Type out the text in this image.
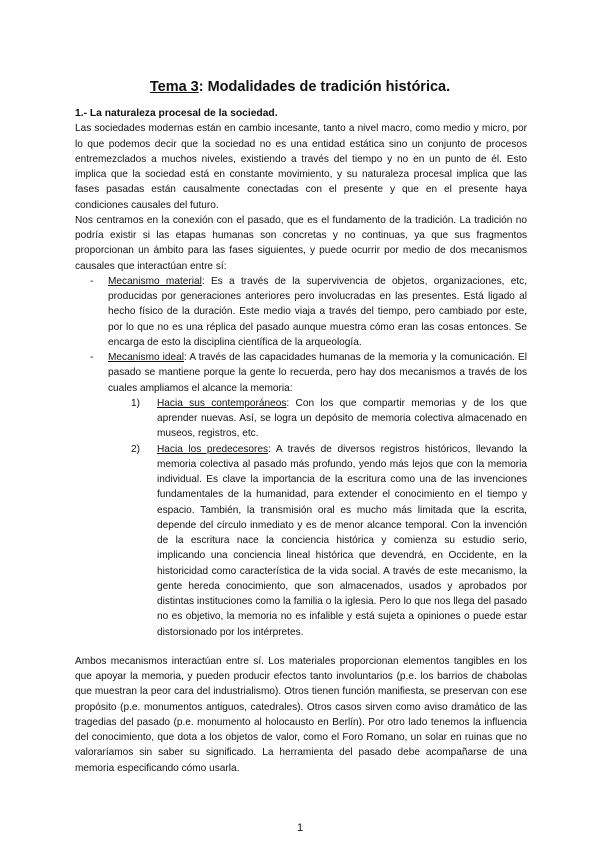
Tema 3: Modalidades de tradición histórica.

1.- La naturaleza procesal de la sociedad.

Las sociedades modernas están en cambio incesante, tanto a nivel macro, como medio y micro, por lo que podemos decir que la sociedad no es una entidad estática sino un conjunto de procesos entremezclados a muchos niveles, existiendo a través del tiempo y no en un punto de él. Esto implica que la sociedad está en constante movimiento, y su naturaleza procesal implica que las fases pasadas están causalmente conectadas con el presente y que en el presente haya condiciones causales del futuro.

Nos centramos en la conexión con el pasado, que es el fundamento de la tradición. La tradición no podría existir si las etapas humanas son concretas y no continuas, ya que sus fragmentos proporcionan un ámbito para las fases siguientes, y puede ocurrir por medio de dos mecanismos causales que interactúan entre sí:

- Mecanismo material: Es a través de la supervivencia de objetos, organizaciones, etc, producidas por generaciones anteriores pero involucradas en las presentes. Está ligado al hecho físico de la duración. Este medio viaja a través del tiempo, pero cambiado por este, por lo que no es una réplica del pasado aunque muestra cómo eran las cosas entonces. Se encarga de esto la disciplina científica de la arqueología.

- Mecanismo ideal: A través de las capacidades humanas de la memoria y la comunicación. El pasado se mantiene porque la gente lo recuerda, pero hay dos mecanismos a través de los cuales ampliamos el alcance la memoria:

1) Hacia sus contemporáneos: Con los que compartir memorias y de los que aprender nuevas. Así, se logra un depósito de memoria colectiva almacenado en museos, registros, etc.

2) Hacia los predecesores: A través de diversos registros históricos, llevando la memoria colectiva al pasado más profundo, yendo más lejos que con la memoria individual. Es clave la importancia de la escritura como una de las invenciones fundamentales de la humanidad, para extender el conocimiento en el tiempo y espacio. También, la transmisión oral es mucho más limitada que la escrita, depende del círculo inmediato y es de menor alcance temporal. Con la invención de la escritura nace la conciencia histórica y comienza su estudio serio, implicando una conciencia lineal histórica que devendrá, en Occidente, en la historicidad como característica de la vida social. A través de este mecanismo, la gente hereda conocimiento, que son almacenados, usados y aprobados por distintas instituciones como la familia o la iglesia. Pero lo que nos llega del pasado no es objetivo, la memoria no es infalible y está sujeta a opiniones o puede estar distorsionado por los intérpretes.

Ambos mecanismos interactúan entre sí. Los materiales proporcionan elementos tangibles en los que apoyar la memoria, y pueden producir efectos tanto involuntarios (p.e. los barrios de chabolas que muestran la peor cara del industrialismo). Otros tienen función manifiesta, se preservan con ese propósito (p.e. monumentos antiguos, catedrales). Otros casos sirven como aviso dramático de las tragedias del pasado (p.e. monumento al holocausto en Berlín). Por otro lado tenemos la influencia del conocimiento, que dota a los objetos de valor, como el Foro Romano, un solar en ruinas que no valoraríamos sin saber su significado. La herramienta del pasado debe acompañarse de una memoria especificando cómo usarla.

1
